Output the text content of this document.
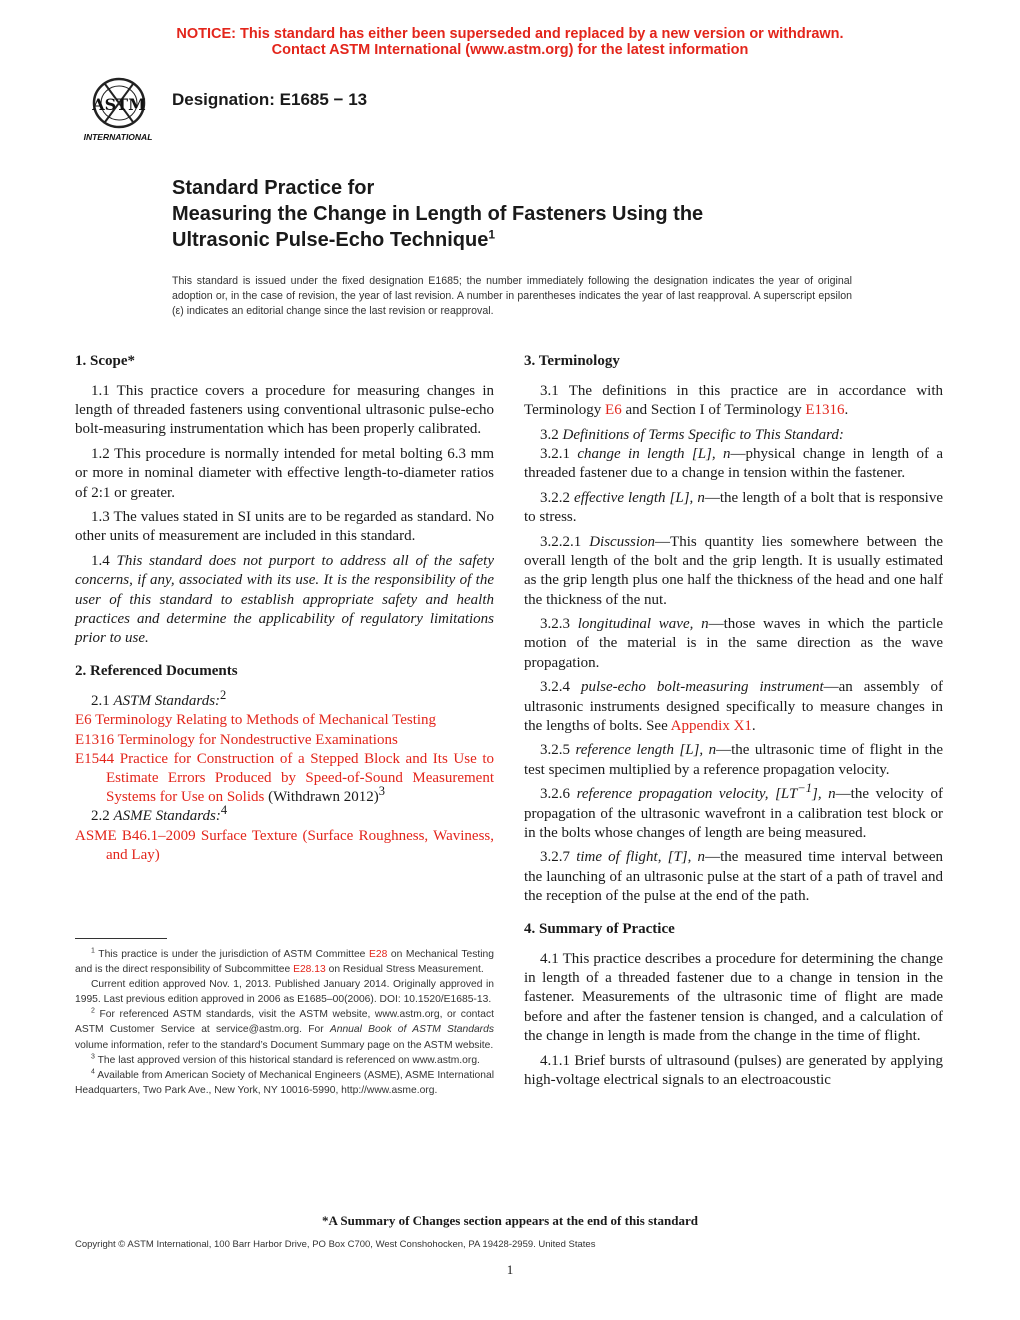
NOTICE: This standard has either been superseded and replaced by a new version or withdrawn.
Contact ASTM International (www.astm.org) for the latest information
ASTM
INTERNATIONAL
Designation: E1685 − 13
Standard Practice for
Measuring the Change in Length of Fasteners Using the
Ultrasonic Pulse-Echo Technique$^1$
This standard is issued under the fixed designation E1685; the number immediately following the designation indicates the year of original adoption or, in the case of revision, the year of last revision. A number in parentheses indicates the year of last reapproval. A superscript epsilon (ε) indicates an editorial change since the last revision or reapproval.
1. Scope*

1.1 This practice covers a procedure for measuring changes in length of threaded fasteners using conventional ultrasonic pulse-echo bolt-measuring instrumentation which has been properly calibrated.

1.2 This procedure is normally intended for metal bolting 6.3 mm or more in nominal diameter with effective length-to-diameter ratios of 2:1 or greater.

1.3 The values stated in SI units are to be regarded as standard. No other units of measurement are included in this standard.

1.4 This standard does not purport to address all of the safety concerns, if any, associated with its use. It is the responsibility of the user of this standard to establish appropriate safety and health practices and determine the applicability of regulatory limitations prior to use.

2. Referenced Documents

2.1 ASTM Standards:$^2$

E6 Terminology Relating to Methods of Mechanical Testing

E1316 Terminology for Nondestructive Examinations

E1544 Practice for Construction of a Stepped Block and Its Use to Estimate Errors Produced by Speed-of-Sound Measurement Systems for Use on Solids (Withdrawn 2012)$^3$

2.2 ASME Standards:$^4$

ASME B46.1–2009 Surface Texture (Surface Roughness, Waviness, and Lay)

$^1$ This practice is under the jurisdiction of ASTM Committee E28 on Mechanical Testing and is the direct responsibility of Subcommittee E28.13 on Residual Stress Measurement.

Current edition approved Nov. 1, 2013. Published January 2014. Originally approved in 1995. Last previous edition approved in 2006 as E1685–00(2006). DOI: 10.1520/E1685-13.

$^2$ For referenced ASTM standards, visit the ASTM website, www.astm.org, or contact ASTM Customer Service at service@astm.org. For Annual Book of ASTM Standards volume information, refer to the standard’s Document Summary page on the ASTM website.

$^3$ The last approved version of this historical standard is referenced on www.astm.org.

$^4$ Available from American Society of Mechanical Engineers (ASME), ASME International Headquarters, Two Park Ave., New York, NY 10016-5990, http://www.asme.org.

3. Terminology

3.1 The definitions in this practice are in accordance with Terminology E6 and Section I of Terminology E1316.

3.2 Definitions of Terms Specific to This Standard:

3.2.1 change in length [L], n—physical change in length of a threaded fastener due to a change in tension within the fastener.

3.2.2 effective length [L], n—the length of a bolt that is responsive to stress.

3.2.2.1 Discussion—This quantity lies somewhere between the overall length of the bolt and the grip length. It is usually estimated as the grip length plus one half the thickness of the head and one half the thickness of the nut.

3.2.3 longitudinal wave, n—those waves in which the particle motion of the material is in the same direction as the wave propagation.

3.2.4 pulse-echo bolt-measuring instrument—an assembly of ultrasonic instruments designed specifically to measure changes in the lengths of bolts. See Appendix X1.

3.2.5 reference length [L], n—the ultrasonic time of flight in the test specimen multiplied by a reference propagation velocity.

3.2.6 reference propagation velocity, $[LT^{-1}]$, n—the velocity of propagation of the ultrasonic wavefront in a calibration test block or in the bolts whose changes of length are being measured.

3.2.7 time of flight, [T], n—the measured time interval between the launching of an ultrasonic pulse at the start of a path of travel and the reception of the pulse at the end of the path.

4. Summary of Practice

4.1 This practice describes a procedure for determining the change in length of a threaded fastener due to a change in tension in the fastener. Measurements of the ultrasonic time of flight are made before and after the fastener tension is changed, and a calculation of the change in length is made from the change in the time of flight.

4.1.1 Brief bursts of ultrasound (pulses) are generated by applying high-voltage electrical signals to an electroacoustic

*A Summary of Changes section appears at the end of this standard
Copyright © ASTM International, 100 Barr Harbor Drive, PO Box C700, West Conshohocken, PA 19428-2959. United States
1
